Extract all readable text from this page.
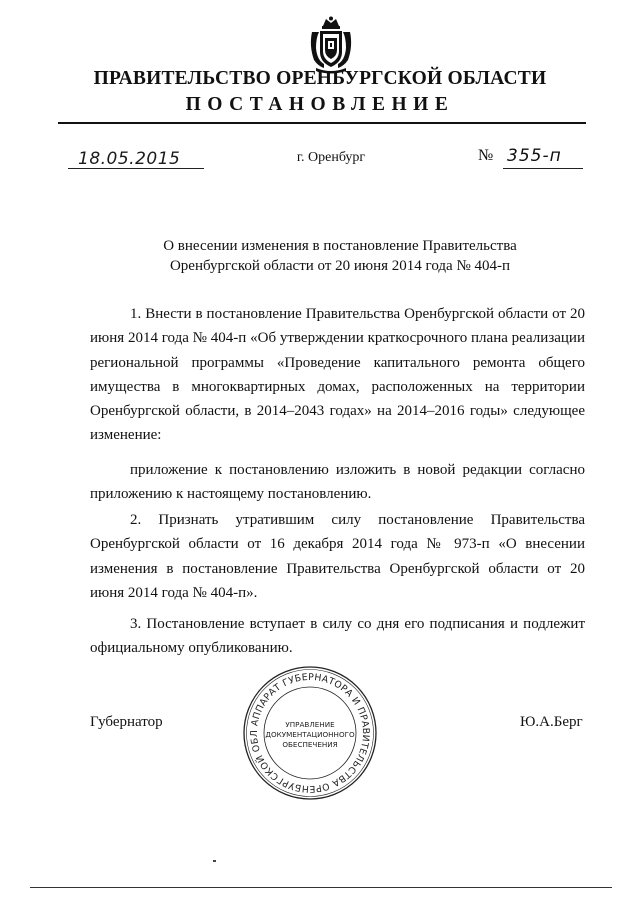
ПРАВИТЕЛЬСТВО ОРЕНБУРГСКОЙ ОБЛАСТИ
ПОСТАНОВЛЕНИЕ
18.05.2015	г. Оренбург	№ 355-п
О внесении изменения в постановление Правительства
Оренбургской области от 20 июня 2014 года № 404-п
1. Внести в постановление Правительства Оренбургской области от 20 июня 2014 года № 404-п «Об утверждении краткосрочного плана реализации региональной программы «Проведение капитального ремонта общего имущества в многоквартирных домах, расположенных на территории Оренбургской области, в 2014–2043 годах» на 2014–2016 годы» следующее изменение:
приложение к постановлению изложить в новой редакции согласно приложению к настоящему постановлению.
2. Признать утратившим силу постановление Правительства Оренбургской области от 16 декабря 2014 года № 973-п «О внесении изменения в постановление Правительства Оренбургской области от 20 июня 2014 года № 404-п».
3. Постановление вступает в силу со дня его подписания и подлежит официальному опубликованию.
Губернатор	Ю.А.Берг
АППАРАТ ГУБЕРНАТОРА И ПРАВИТЕЛЬСТВА ОРЕНБУРГСКОЙ ОБЛ
УПРАВЛЕНИЕ
ДОКУМЕНТАЦИОННОГО
ОБЕСПЕЧЕНИЯ
